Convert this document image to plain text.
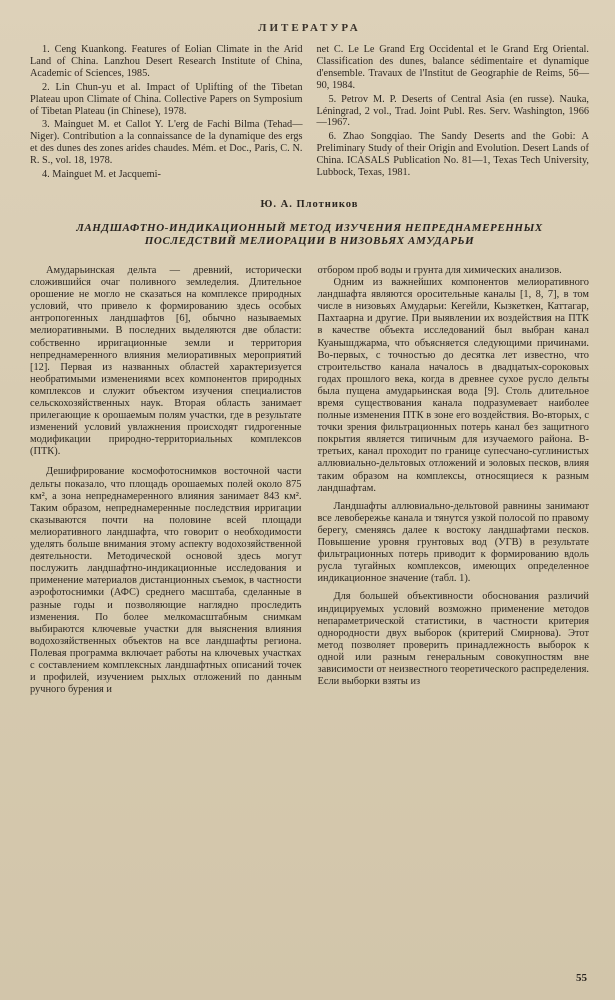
ЛИТЕРАТУРА

1. Ceng Kuankong. Features of Eolian Climate in the Arid Land of China. Lanzhou Desert Research Institute of China, Academic of Sciences, 1985.

2. Lin Chun-yu et al. Impact of Uplifting of the Tibetan Plateau upon Climate of China. Collective Papers on Symposium of Tibetan Plateau (in Chinese), 1978.

3. Mainguet M. et Callot Y. L'erg de Fachi Bilma (Tehad—Niger). Contribution a la connaissance de la dynamique des ergs et des dunes des zones arides chaudes. Mém. et Doc., Paris, C. N. R. S., vol. 18, 1978.

4. Mainguet M. et Jacquemi-

net C. Le Le Grand Erg Occidental et le Grand Erg Oriental. Classification des dunes, balance sédimentaire et dynamique d'ensemble. Travaux de l'Institut de Geographie de Reims, 56—90, 1984.

5. Petrov M. P. Deserts of Central Asia (en russe). Nauka, Léningrad, 2 vol., Trad. Joint Publ. Res. Serv. Washington, 1966—1967.

6. Zhao Songqiao. The Sandy Deserts and the Gobi: A Preliminary Study of their Origin and Evolution. Desert Lands of China. ICASALS Publication No. 81—1, Texas Tech University, Lubbock, Texas, 1981.

Ю. А. Плотников
ЛАНДШАФТНО-ИНДИКАЦИОННЫЙ МЕТОД ИЗУЧЕНИЯ НЕПРЕДНАМЕРЕННЫХ ПОСЛЕДСТВИЙ МЕЛИОРАЦИИ В НИЗОВЬЯХ АМУДАРЬИ

Амударьинская дельта — древний, исторически сложившийся очаг поливного земледелия. Длительное орошение не могло не сказаться на комплексе природных условий, что привело к формированию здесь особых антропогенных ландшафтов [6], обычно называемых мелиоративными. В последних выделяются две области: собственно ирригационные земли и территория непреднамеренного влияния мелиоративных мероприятий [12]. Первая из названных областей характеризуется необратимыми изменениями всех компонентов природных комплексов и служит объектом изучения специалистов сельскохозяйственных наук. Вторая область занимает прилегающие к орошаемым полям участки, где в результате изменений условий увлажнения происходят гидрогенные модификации природно-территориальных комплексов (ПТК).

Дешифрирование космофотоснимков восточной части дельты показало, что площадь орошаемых полей около 875 км², а зона непреднамеренного влияния занимает 843 км². Таким образом, непреднамеренные последствия ирригации сказываются почти на половине всей площади мелиоративного ландшафта, что говорит о необходимости уделять больше внимания этому аспекту водохозяйственной деятельности. Методической основой здесь могут послужить ландшафтно-индикационные исследования и применение материалов дистанционных съемок, в частности аэрофотоснимки (АФС) среднего масштаба, сделанные в разные годы и позволяющие наглядно проследить изменения. По более мелкомасштабным снимкам выбираются ключевые участки для выяснения влияния водохозяйственных объектов на все ландшафты региона. Полевая программа включает работы на ключевых участках с составлением комплексных ландшафтных описаний точек и профилей, изучением рыхлых отложений по данным ручного бурения и

отбором проб воды и грунта для химических анализов.

Одним из важнейших компонентов мелиоративного ландшафта являются оросительные каналы [1, 8, 7], в том числе в низовьях Амударьи: Кегейли, Кызкеткен, Каттагар, Пахтаарна и другие. При выявлении их воздействия на ПТК в качестве объекта исследований был выбран канал Куанышджарма, что объясняется следующими причинами. Во-первых, с точностью до десятка лет известно, что строительство канала началось в двадцатых-сороковых годах прошлого века, когда в древнее сухое русло дельты была пущена амударьинская вода [9]. Столь длительное время существования канала подразумевает наиболее полные изменения ПТК в зоне его воздействия. Во-вторых, с точки зрения фильтрационных потерь канал без защитного покрытия является типичным для изучаемого района. В-третьих, канал проходит по границе супесчано-суглинистых аллювиально-дельтовых отложений и эоловых песков, влияя таким образом на комплексы, относящиеся к разным ландшафтам.

Ландшафты аллювиально-дельтовой равнины занимают все левобережье канала и тянутся узкой полосой по правому берегу, сменяясь далее к востоку ландшафтами песков. Повышение уровня грунтовых вод (УГВ) в результате фильтрационных потерь приводит к формированию вдоль русла тугайных комплексов, имеющих определенное индикационное значение (табл. 1).

Для большей объективности обоснования различий индицируемых условий возможно применение методов непараметрической статистики, в частности критерия однородности двух выборок (критерий Смирнова). Этот метод позволяет проверить принадлежность выборок к одной или разным генеральным совокупностям вне зависимости от неизвестного теоретического распределения. Если выборки взяты из

55
